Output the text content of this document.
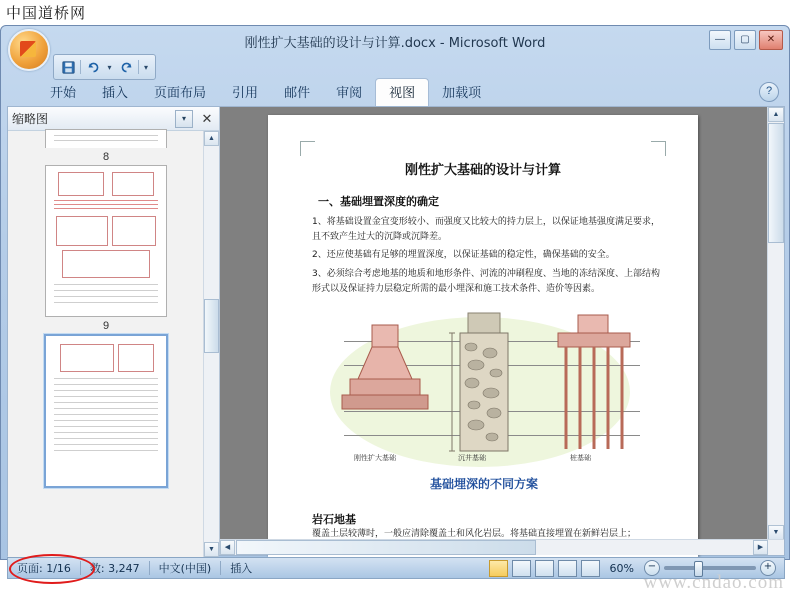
中国道桥网
刚性扩大基础的设计与计算.docx - Microsoft Word	—	▢	✕
▾	▾
开始	插入	页面布局	引用	邮件	审阅	视图	加载项	?
缩略图	▾	✕
8
9
▲
▼
刚性扩大基础的设计与计算
一、基础埋置深度的确定
1、将基础设置金宜变形较小、而强度又比较大的持力层上，以保证地基强度满足要求，且不致产生过大的沉降或沉降差。
2、还应使基础有足够的埋置深度，以保证基础的稳定性，确保基础的安全。
3、必须综合考虑地基的地质和地形条件、河流的冲刷程度、当地的冻结深度、上部结构形式以及保证持力层稳定所需的最小埋深和施工技术条件、造价等因素。
刚性扩大基础	沉井基础	桩基础
基础埋深的不同方案
岩石地基
覆盖土层较薄时，一般应清除覆盖土和风化岩层。将基础直接埋置在新鲜岩层上；
▲
▼
◀	▶
页面: 1/16	数: 3,247	中文(中国)	插入	60%	−	+
www.cndao.com
